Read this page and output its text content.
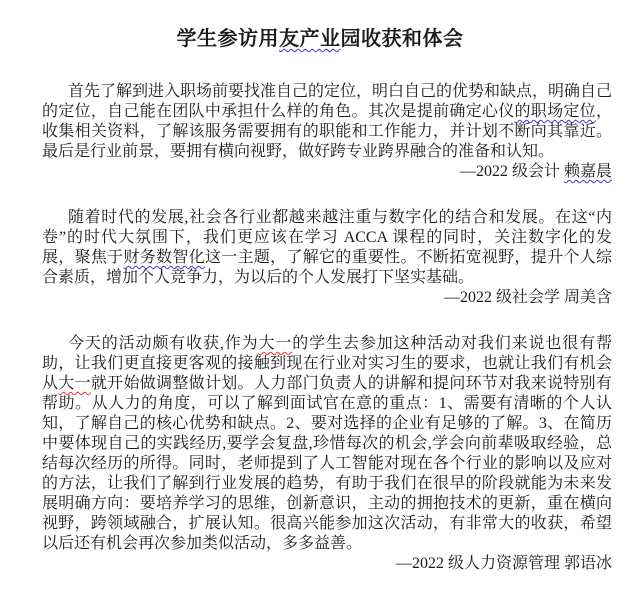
学生参访用友产业园收获和体会

首先了解到进入职场前要找准自己的定位，明白自己的优势和缺点，明确自己的定位，自己能在团队中承担什么样的角色。其次是提前确定心仪的职场定位，收集相关资料，了解该服务需要拥有的职能和工作能力，并计划不断向其靠近。最后是行业前景，要拥有横向视野，做好跨专业跨界融合的准备和认知。

—2022 级会计 赖嘉晨

随着时代的发展,社会各行业都越来越注重与数字化的结合和发展。在这“内卷”的时代大氛围下，我们更应该在学习 ACCA 课程的同时，关注数字化的发展，聚焦于财务数智化这一主题，了解它的重要性。不断拓宽视野，提升个人综合素质，增加个人竞争力，为以后的个人发展打下坚实基础。

—2022 级社会学 周美含

今天的活动颇有收获,作为大一的学生去参加这种活动对我们来说也很有帮助，让我们更直接更客观的接触到现在行业对实习生的要求，也就让我们有机会从大一就开始做调整做计划。人力部门负责人的讲解和提问环节对我来说特别有帮助。从人力的角度，可以了解到面试官在意的重点：1、需要有清晰的个人认知，了解自己的核心优势和缺点。2、要对选择的企业有足够的了解。3、在简历中要体现自己的实践经历,要学会复盘,珍惜每次的机会,学会向前辈吸取经验，总结每次经历的所得。同时，老师提到了人工智能对现在各个行业的影响以及应对的方法，让我们了解到行业发展的趋势，有助于我们在很早的阶段就能为未来发展明确方向：要培养学习的思维，创新意识，主动的拥抱技术的更新，重在横向视野，跨领域融合，扩展认知。很高兴能参加这次活动，有非常大的收获，希望以后还有机会再次参加类似活动，多多益善。

—2022 级人力资源管理 郭语冰
